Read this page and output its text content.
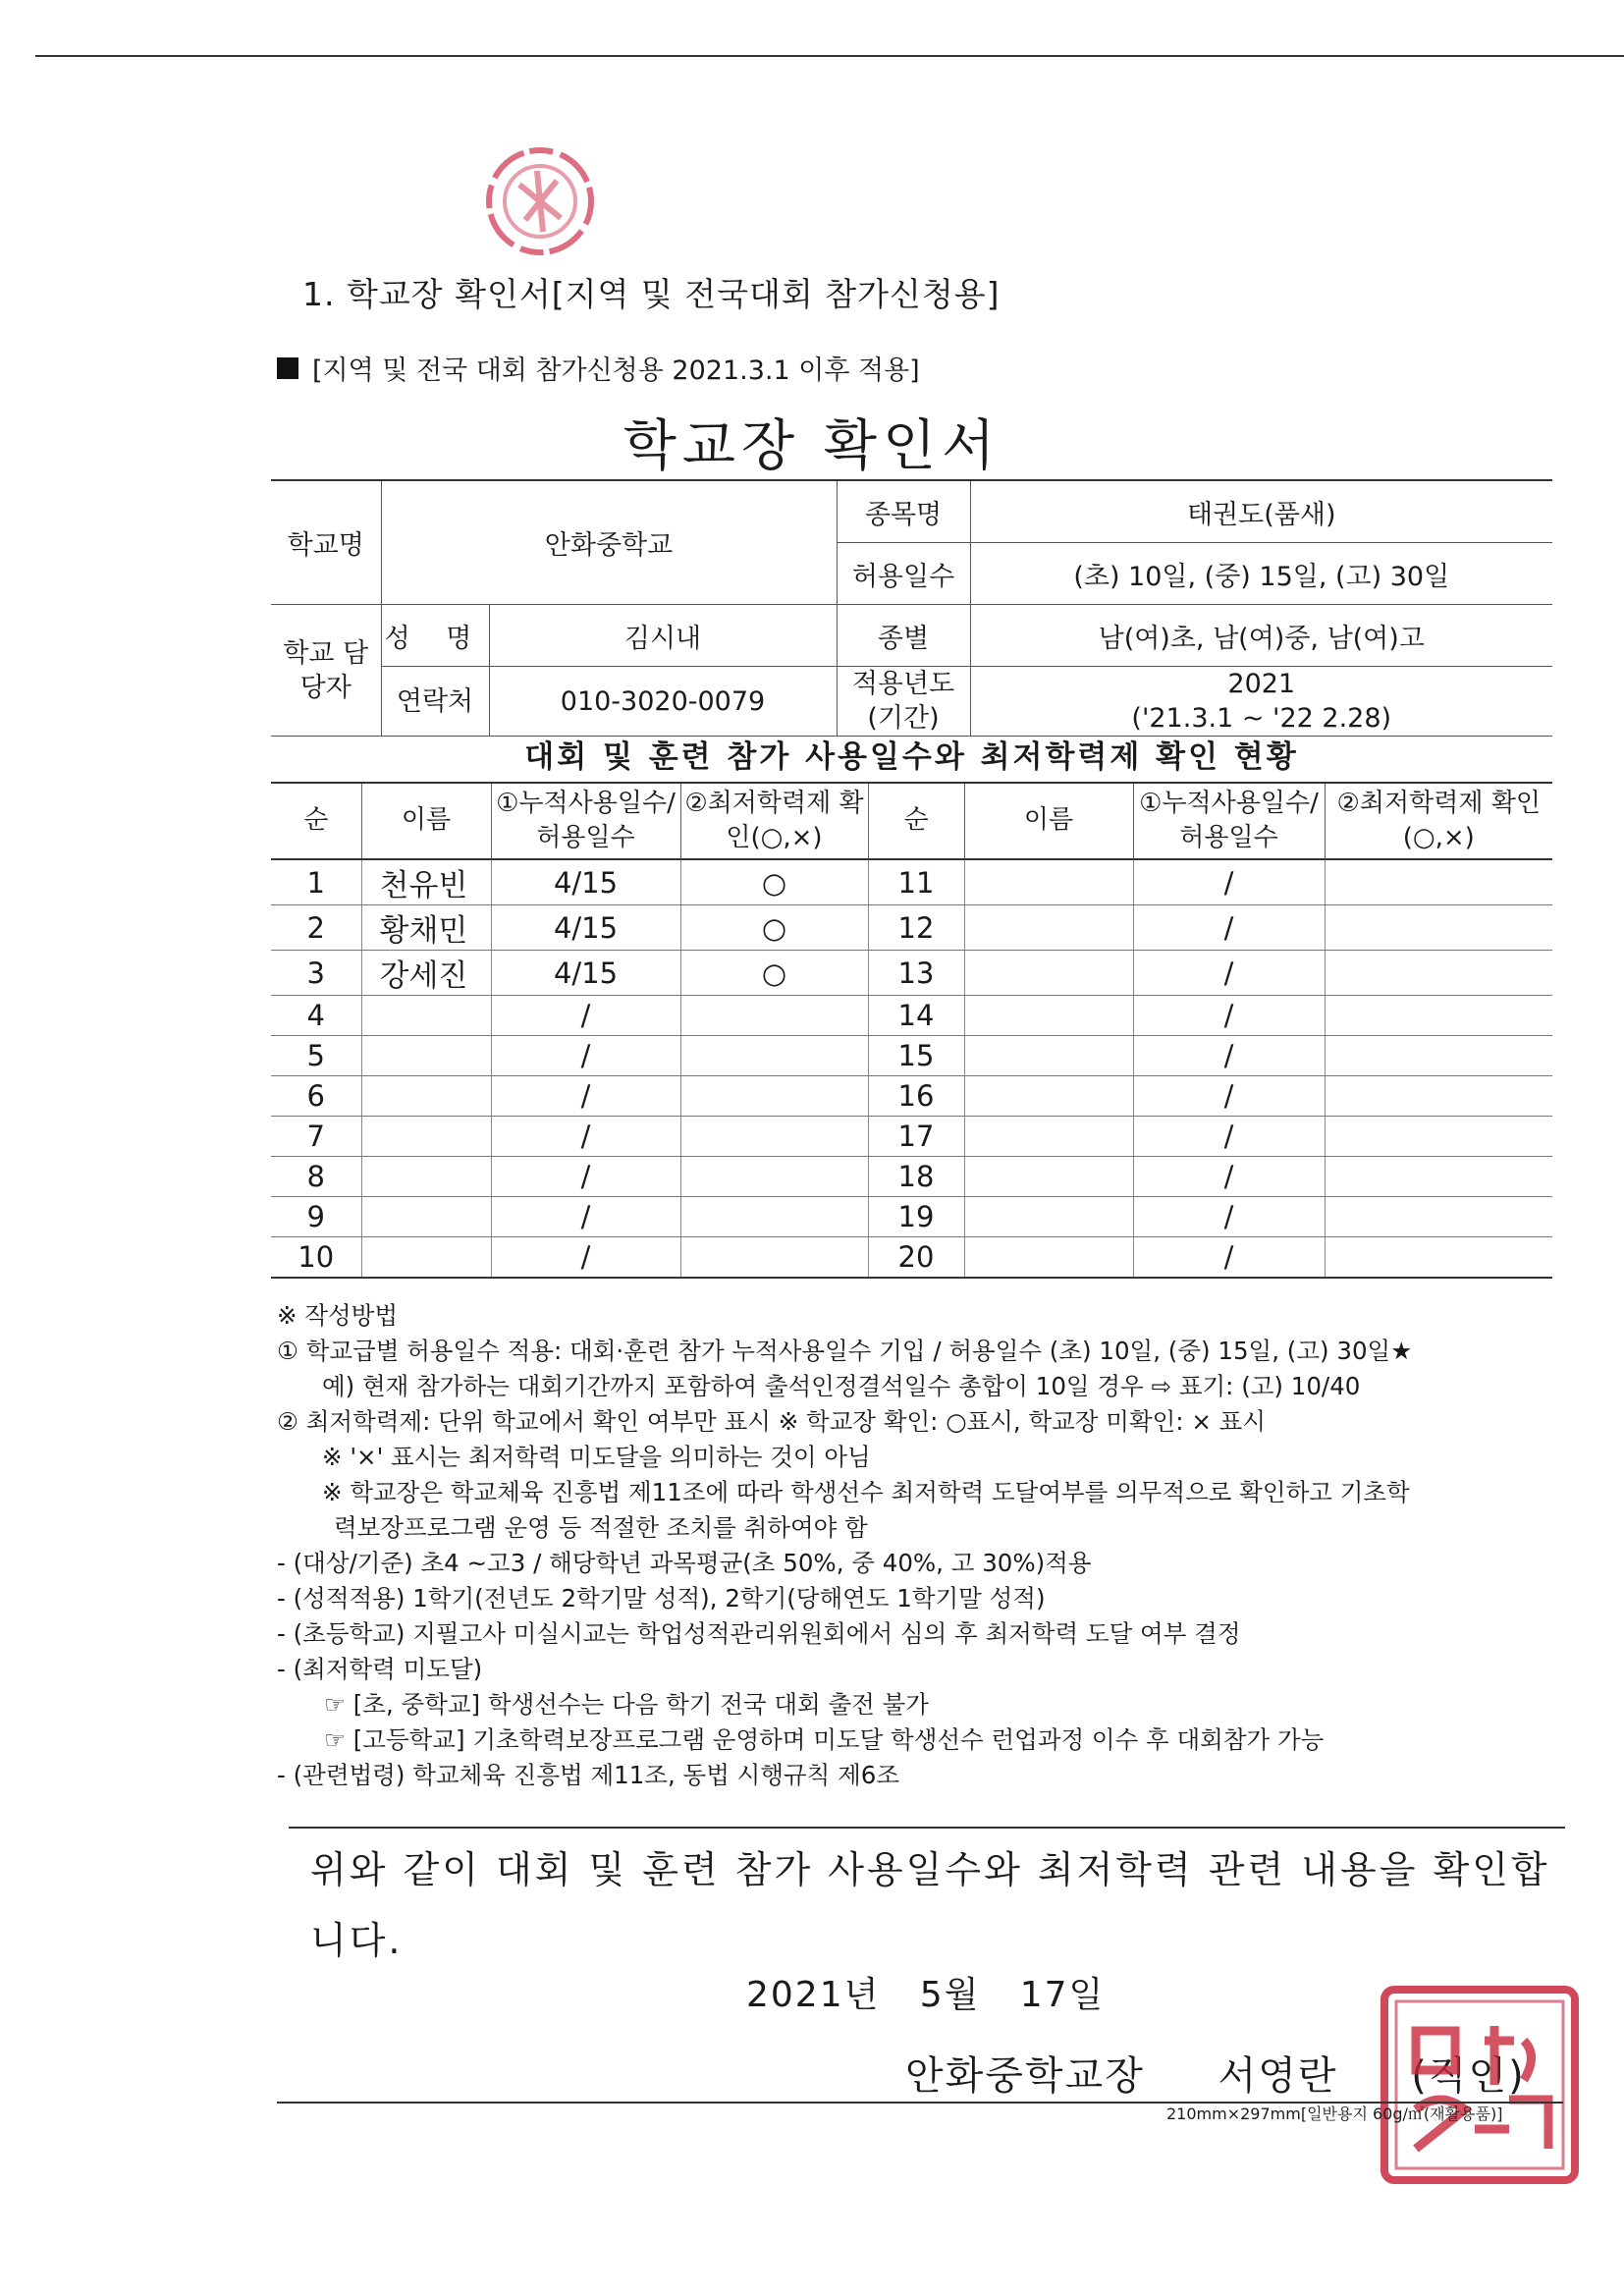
1. 학교장 확인서[지역 및 전국대회 참가신청용]
[지역 및 전국 대회 참가신청용 2021.3.1 이후 적용]
학교장 확인서
학교명	안화중학교		종목명	태권도(품새)
			허용일수	(초) 10일, (중) 15일, (고) 30일
학교 담당자	성 명	김시내	종별	남(여)초, 남(여)중, 남(여)고
	연락처	010-3020-0079	적용년도 (기간)	2021
('21.3.1 ~ '22 2.28)
대회 및 훈련 참가 사용일수와 최저학력제 확인 현황
순	이름	①누적사용일수/ 허용일수	②최저학력제 확인(○,×)	순	이름	①누적사용일수/ 허용일수	②최저학력제 확인(○,×)
1	천유빈	4/15	○	11		/	
2	황채민	4/15	○	12		/	
3	강세진	4/15	○	13		/	
4		/		14		/	
5		/		15		/	
6		/		16		/	
7		/		17		/	
8		/		18		/	
9		/		19		/	
10		/		20		/	
※ 작성방법
① 학교급별 허용일수 적용: 대회·훈련 참가 누적사용일수 기입 / 허용일수 (초) 10일, (중) 15일, (고) 30일★
예) 현재 참가하는 대회기간까지 포함하여 출석인정결석일수 총합이 10일 경우 ⇨ 표기: (고) 10/40
② 최저학력제: 단위 학교에서 확인 여부만 표시 ※ 학교장 확인: ○표시, 학교장 미확인: × 표시
※ '×' 표시는 최저학력 미도달을 의미하는 것이 아님
※ 학교장은 학교체육 진흥법 제11조에 따라 학생선수 최저학력 도달여부를 의무적으로 확인하고 기초학
력보장프로그램 운영 등 적절한 조치를 취하여야 함
- (대상/기준) 초4 ~고3 / 해당학년 과목평균(초 50%, 중 40%, 고 30%)적용
- (성적적용) 1학기(전년도 2학기말 성적), 2학기(당해연도 1학기말 성적)
- (초등학교) 지필고사 미실시교는 학업성적관리위원회에서 심의 후 최저학력 도달 여부 결정
- (최저학력 미도달)
☞ [초, 중학교] 학생선수는 다음 학기 전국 대회 출전 불가
☞ [고등학교] 기초학력보장프로그램 운영하며 미도달 학생선수 런업과정 이수 후 대회참가 가능
- (관련법령) 학교체육 진흥법 제11조, 동법 시행규칙 제6조
위와 같이 대회 및 훈련 참가 사용일수와 최저학력 관련 내용을 확인합니다.
2021년   5월   17일
안화중학교장 서영란 (직인)
210mm×297mm[일반용지 60g/㎡(재활용품)]
